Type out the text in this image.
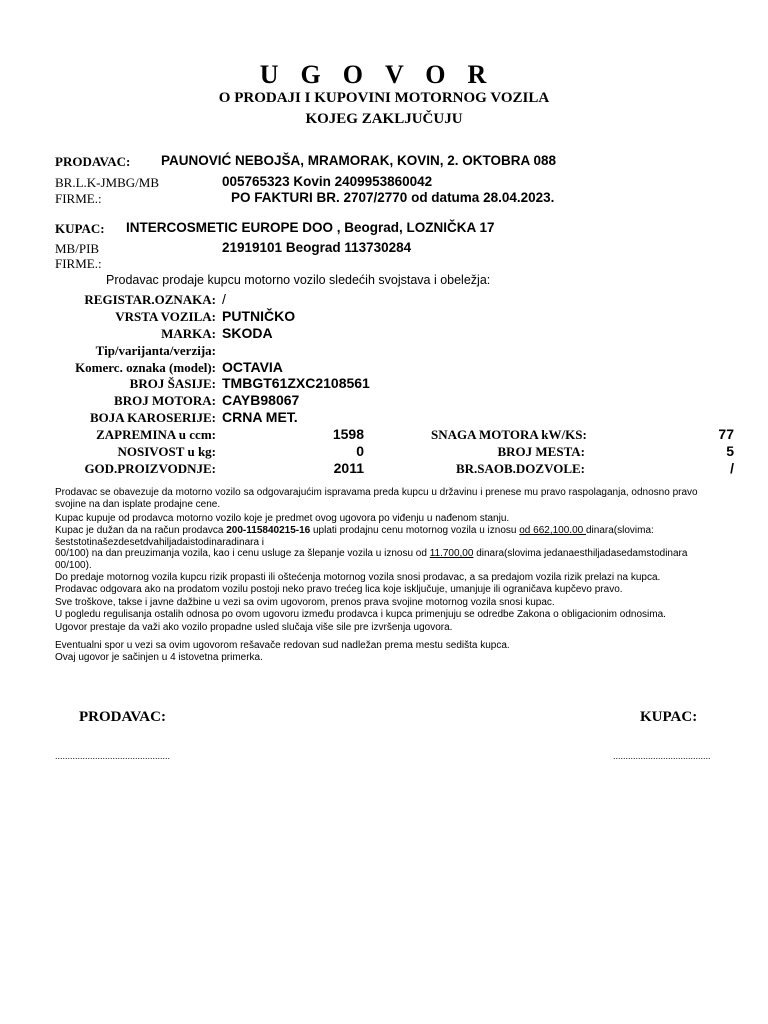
UGOVOR
O PRODAJI I KUPOVINI MOTORNOG VOZILA
KOJEG ZAKLJUČUJU
PRODAVAC: PAUNOVIĆ NEBOJŠA, MRAMORAK, KOVIN, 2. OKTOBRA 088
BR.L.K-JMBG/MB	005765323 Kovin 2409953860042
FIRME.:	PO FAKTURI BR. 2707/2770 od datuma 28.04.2023.
KUPAC: INTERCOSMETIC EUROPE DOO , Beograd, LOZNIČKA 17
MB/PIB	21919101 Beograd 113730284
FIRME.:
Prodavac prodaje kupcu motorno vozilo sledećih svojstava i obeležja:
REGISTAR.OZNAKA: /
VRSTA VOZILA: PUTNIČKO
MARKA: SKODA
Tip/varijanta/verzija:
Komerc. oznaka (model): OCTAVIA
BROJ ŠASIJE: TMBGT61ZXC2108561
BROJ MOTORA: CAYB98067
BOJA KAROSERIJE: CRNA MET.
ZAPREMINA u ccm:	1598	SNAGA MOTORA kW/KS:	77
NOSIVOST u kg:	0	BROJ MESTA:	5
GOD.PROIZVODNJE:	2011	BR.SAOB.DOZVOLE:	/
Prodavac se obavezuje da motorno vozilo sa odgovarajućim ispravama preda kupcu u državinu i prenese mu pravo raspolaganja, odnosno pravo svojine na dan isplate prodajne cene.
Kupac kupuje od prodavca motorno vozilo koje je predmet ovog ugovora po viđenju u nađenom stanju.
Kupac je dužan da na račun prodavca 200-115840215-16 uplati prodajnu cenu motornog vozila u iznosu od 662,100.00 dinara(slovima: šeststotinašezdesetdvahiljadaistodinaradinara i
00/100) na dan preuzimanja vozila, kao i cenu usluge za šlepanje vozila u iznosu od 11.700,00 dinara(slovima jedanaesthiljadasedamstodinara 00/100).
Do predaje motornog vozila kupcu rizik propasti ili oštećenja motornog vozila snosi prodavac, a sa predajom vozila rizik prelazi na kupca.
Prodavac odgovara ako na prodatom vozilu postoji neko pravo trećeg lica koje isključuje, umanjuje ili ograničava kupčevo pravo.
Sve troškove, takse i javne dažbine u vezi sa ovim ugovorom, prenos prava svojine motornog vozila snosi kupac.
U pogledu regulisanja ostalih odnosa po ovom ugovoru između prodavca i kupca primenjuju se odredbe Zakona o obligacionim odnosima.
Ugovor prestaje da važi ako vozilo propadne usled slučaja više sile pre izvršenja ugovora.
Eventualni spor u vezi sa ovim ugovorom rešavače redovan sud nadležan prema mestu sedišta kupca.
Ovaj ugovor je sačinjen u 4 istovetna primerka.
PRODAVAC:	KUPAC:
..............................................	.......................................
